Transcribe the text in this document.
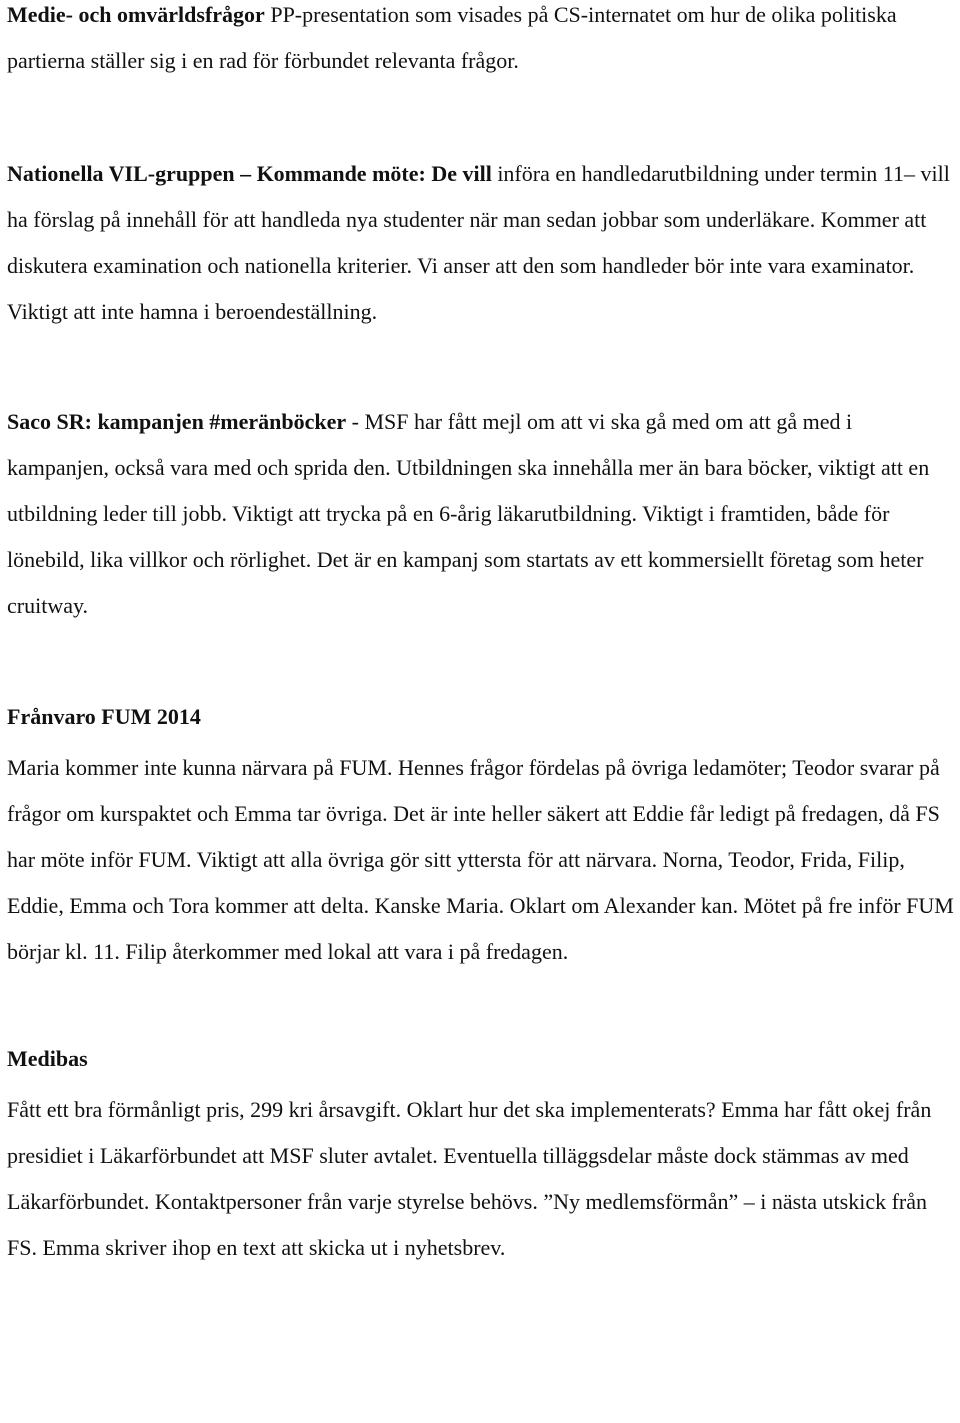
Medie- och omvärldsfrågor PP-presentation som visades på CS-internatet om hur de olika politiska partierna ställer sig i en rad för förbundet relevanta frågor.

Nationella VIL-gruppen – Kommande möte: De vill införa en handledarutbildning under termin 11– vill ha förslag på innehåll för att handleda nya studenter när man sedan jobbar som underläkare. Kommer att diskutera examination och nationella kriterier. Vi anser att den som handleder bör inte vara examinator. Viktigt att inte hamna i beroendeställning.

Saco SR: kampanjen #meränböcker - MSF har fått mejl om att vi ska gå med om att gå med i kampanjen, också vara med och sprida den. Utbildningen ska innehålla mer än bara böcker, viktigt att en utbildning leder till jobb. Viktigt att trycka på en 6-årig läkarutbildning. Viktigt i framtiden, både för lönebild, lika villkor och rörlighet. Det är en kampanj som startats av ett kommersiellt företag som heter cruitway.

Frånvaro FUM 2014

Maria kommer inte kunna närvara på FUM. Hennes frågor fördelas på övriga ledamöter; Teodor svarar på frågor om kurspaktet och Emma tar övriga. Det är inte heller säkert att Eddie får ledigt på fredagen, då FS har möte inför FUM. Viktigt att alla övriga gör sitt yttersta för att närvara. Norna, Teodor, Frida, Filip, Eddie, Emma och Tora kommer att delta. Kanske Maria. Oklart om Alexander kan. Mötet på fre inför FUM börjar kl. 11. Filip återkommer med lokal att vara i på fredagen.

Medibas

Fått ett bra förmånligt pris, 299 kri årsavgift. Oklart hur det ska implementerats? Emma har fått okej från presidiet i Läkarförbundet att MSF sluter avtalet. Eventuella tilläggsdelar måste dock stämmas av med Läkarförbundet. Kontaktpersoner från varje styrelse behövs. ”Ny medlemsförmån” – i nästa utskick från FS. Emma skriver ihop en text att skicka ut i nyhetsbrev.
